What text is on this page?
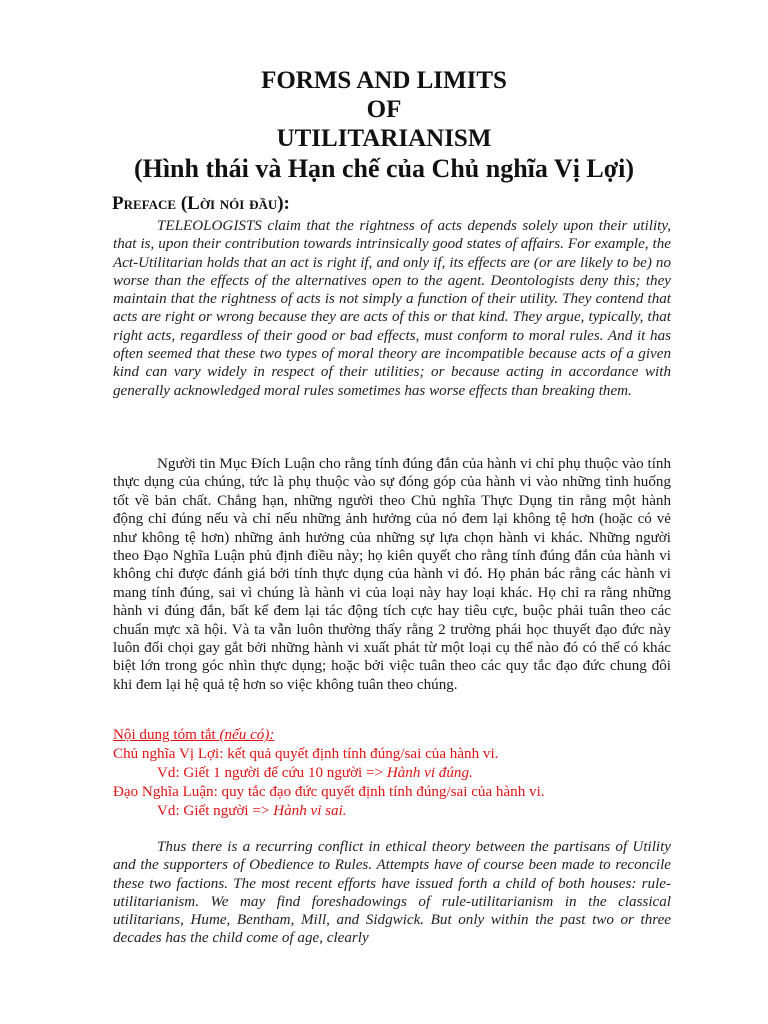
FORMS AND LIMITS
OF
UTILITARIANISM
(Hình thái và Hạn chế của Chủ nghĩa Vị Lợi)
Preface (Lời nói đầu):

TELEOLOGISTS claim that the rightness of acts depends solely upon their utility, that is, upon their contribution towards intrinsically good states of affairs. For example, the Act-Utilitarian holds that an act is right if, and only if, its effects are (or are likely to be) no worse than the effects of the alternatives open to the agent. Deontologists deny this; they maintain that the rightness of acts is not simply a function of their utility. They contend that acts are right or wrong because they are acts of this or that kind. They argue, typically, that right acts, regardless of their good or bad effects, must conform to moral rules. And it has often seemed that these two types of moral theory are incompatible because acts of a given kind can vary widely in respect of their utilities; or because acting in accordance with generally acknowledged moral rules sometimes has worse effects than breaking them.

Người tin Mục Đích Luận cho rằng tính đúng đắn của hành vi chỉ phụ thuộc vào tính thực dụng của chúng, tức là phụ thuộc vào sự đóng góp của hành vi vào những tình huống tốt về bản chất. Chẳng hạn, những người theo Chủ nghĩa Thực Dụng tin rằng một hành động chỉ đúng nếu và chỉ nếu những ảnh hưởng của nó đem lại không tệ hơn (hoặc có vẻ như không tệ hơn) những ảnh hưởng của những sự lựa chọn hành vi khác. Những người theo Đạo Nghĩa Luận phủ định điều này; họ kiên quyết cho rằng tính đúng đắn của hành vi không chỉ được đánh giá bởi tính thực dụng của hành vi đó. Họ phản bác rằng các hành vi mang tính đúng, sai vì chúng là hành vi của loại này hay loại khác. Họ chỉ ra rằng những hành vi đúng đắn, bất kể đem lại tác động tích cực hay tiêu cực, buộc phải tuân theo các chuẩn mực xã hội. Và ta vẫn luôn thường thấy rằng 2 trường phái học thuyết đạo đức này luôn đối chọi gay gắt bởi những hành vi xuất phát từ một loại cụ thể nào đó có thể có khác biệt lớn trong góc nhìn thực dụng; hoặc bởi việc tuân theo các quy tắc đạo đức chung đôi khi đem lại hệ quả tệ hơn so việc không tuân theo chúng.

Nội dung tóm tắt (nếu có):
Chủ nghĩa Vị Lợi: kết quả quyết định tính đúng/sai của hành vi.
Vd: Giết 1 người để cứu 10 người => Hành vi đúng.
Đạo Nghĩa Luận: quy tắc đạo đức quyết định tính đúng/sai của hành vi.
Vd: Giết người => Hành vi sai.

Thus there is a recurring conflict in ethical theory between the partisans of Utility and the supporters of Obedience to Rules. Attempts have of course been made to reconcile these two factions. The most recent efforts have issued forth a child of both houses: rule-utilitarianism. We may find foreshadowings of rule-utilitarianism in the classical utilitarians, Hume, Bentham, Mill, and Sidgwick. But only within the past two or three decades has the child come of age, clearly
